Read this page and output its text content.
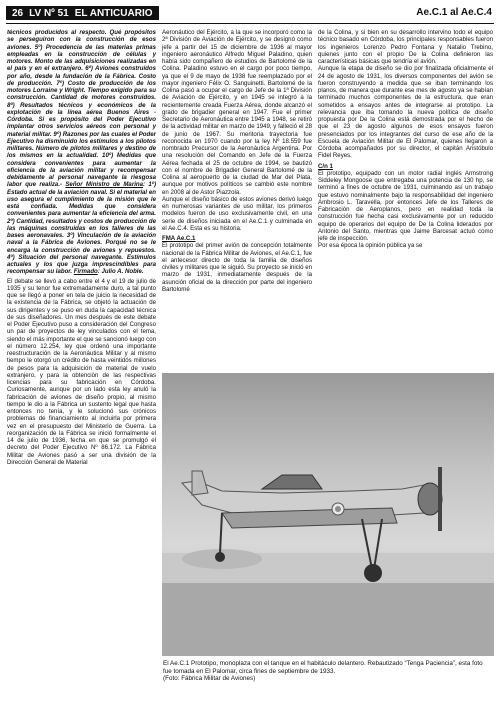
26 LV Nº 51 EL ANTICUARIO	Ae.C.1 al Ae.C.4

técnicos producidos al respecto. Qué propósitos se perseguiron con la construcción de esos aviones. 5º) Procedencia de las materias primas empleadas en la construcción de células y motores. Monto de las adquisiciones realizadas en el país y en el extranjero. 6º) Aviones construidos por año, desde la fundación de la Fábrica. Costo de producción. 7º) Costo de producción de los motores Lorraine y Wright. Tiempo exigido para su construcción. Cantidad de motores construidos. 8º) Resultados técnicos y económicos de la explotación de la línea aérea Buenos Aires - Córdoba. Si es propósito del Poder Ejecutivo implantar otros servicios aéreos con personal y material militar. 9º) Razones por las cuales el Poder Ejecutivo ha disminuido los estímulos a los pilotos militares. Número de pilotos militares y destino de los mismos en la actualidad. 10º) Medidas que considera convenientes para aumentar la eficiencia de la aviación militar y recompensar debidamente al personal navegante la riesgosa labor que realiza.- Señor Ministro de Marina: 1º) Estado actual de la aviación naval. Si el material en uso asegura el cumplimiento de la misión que le está confiada. Medidas que considera convenientes para aumentar la eficiencia del arma. 2º) Cantidad, resultados y costos de producción de las máquinas construidas en los talleres de las bases aeronavales. 3º) Vinculación de la aviación naval a la Fábrica de Aviones. Porqué no se le encarga la construcción de aviones y repuestos. 4º) Situación del personal navegante. Estímulos actuales y los que juzga imprescindibles para recompensar su labor. Firmado: Julio A. Noble.

El debate se llevó a cabo entre el 4 y el 19 de julio de 1935 y su tenor fue extremadamente duro, a tal punto que se llegó a poner en tela de juicio la necesidad de la existencia de la Fábrica, se objetó la actuación de sus dirigentes y se puso en duda la capacidad técnica de sus diseñadores. Un mes después de este debate el Poder Ejecutivo puso a consideración del Congreso un par de proyectos de ley vinculados con el tema, siendo el más importante el que se sancionó luego con el número 12.254, ley que ordenó una importante reestructuración de la Aeronáutica Militar y al mismo tiempo le otorgó un crédito de hasta veintidós millones de pesos para la adquisición de material de vuelo extranjero, y para la obtención de las respectivas licencias para su fabricación en Córdoba. Curiosamente, aunque por un lado esta ley anuló la fabricación de aviones de diseño propio, al mismo tiempo le dio a la Fábrica un sustento legal que hasta entonces no tenía, y le solucionó sus crónicos problemas de financiamiento al incluirla por primera vez en el presupuesto del Ministerio de Guerra. La reorganización de la Fábrica se inició formalmente el 14 de julio de 1936, fecha en que se promulgó el decreto del Poder Ejecutivo Nº 86.172. La Fábrica Militar de Aviones pasó a ser una división de la Dirección General de Material

Aeronáutico del Ejército, a la que se incorporó como la 2ª División de Aviación de Ejército, y se designó como jefe a partir del 15 de diciembre de 1936 al mayor ingeniero aeronáutico Alfredo Miguel Paladino, quien había sido compañero de estudios de Bartolomé de la Colina. Paladino estuvo en el cargo por poco tiempo, ya que el 9 de mayo de 1938 fue reemplazado por el mayor ingeniero Félix O. Sanguinetti. Bartolomé de la Colina pasó a ocupar el cargo de Jefe de la 1ª División de Aviación de Ejército, y en 1945 se integró a la recientemente creada Fuerza Aérea, donde alcanzó el grado de brigadier general en 1947. Fue el primer Secretario de Aeronáutica entre 1945 a 1948, se retiró de la actividad militar en marzo de 1949, y falleció el 28 de junio de 1967. Su meritoria trayectoria fue reconocida en 1970 cuando por la ley Nº 18.559 fue nombrado Precursor de la Aeronáutica Argentina. Por una resolución del Comando en Jefe de la Fuerza Aérea fechada el 25 de octubre de 1994, se bautizó con el nombre de Brigadier General Bartolomé de la Colina al aeropuerto de la ciudad de Mar del Plata, aunque por motivos políticos se cambió este nombre en 2008 al de Astor Piazzola.

Aunque el diseño básico de estos aviones derivó luego en numerosas variantes de uso militar, los primeros modelos fueron de uso exclusivamente civil, en una serie de diseños iniciada en el Ae.C.1 y culminada en el Ae.C.4. Esta es su historia.

FMA Ae.C.1

El prototipo del primer avión de concepción totalmente nacional de la Fábrica Militar de Aviones, el Ae.C.1, fue el antecesor directo de toda la familia de diseños civiles y militares que le siguió. Su proyecto se inició en marzo de 1931, inmediatamente después de la asunción oficial de la dirección por parte del ingeniero Bartolomé

de la Colina, y si bien en su desarrollo intervino todo el equipo técnico basado en Córdoba, los principales responsables fueron los ingenieros Lorenzo Pedro Fontana y Natalio Trebino, quienes junto con el propio De la Colina definieron las características básicas que tendría el avión.

Aunque la etapa de diseño se dio por finalizada oficialmente el 24 de agosto de 1931, los diversos componentes del avión se fueron construyendo a medida que se iban terminando los planos, de manera que durante ese mes de agosto ya se habían terminado muchos componentes de la estructura, que eran sometidos a ensayos antes de integrarse al prototipo. La relevancia que iba tomando la nueva política de diseño propuesta por De la Colina está demostrada por el hecho de que el 23 de agosto algunos de esos ensayos fueron presenciados por los integrantes del curso de ese año de la Escuela de Aviación Militar de El Palomar, quienes llegaron a Córdoba acompañados por su director, el capitán Aristóbulo Fidel Reyes.

C/n 1

El prototipo, equipado con un motor radial inglés Armstrong Siddeley Mongoose que entregaba una potencia de 130 hp, se terminó a fines de octubre de 1931, culminando así un trabajo que estuvo nominalmente bajo la responsabilidad del ingeniero Ambrosio L. Taravella, por entonces Jefe de los Talleres de Fabricación de Aeroplanos, pero en realidad toda la construcción fue hecha casi exclusivamente por un reducido equipo de operarios del equipo de De la Colina liderados por Antonio del Santo, mientras que Jaime Barcesat actuó como jefe de inspección.

Por esa época la opinión pública ya se

El Ae.C.1 Prototipo, monoplaza con el tanque en el habitáculo delantero. Rebautizado “Tenga Paciencia”, esta foto fue tomada en El Palomar, circa fines de septiembre de 1933.
(Foto: Fábrica Militar de Aviones)
